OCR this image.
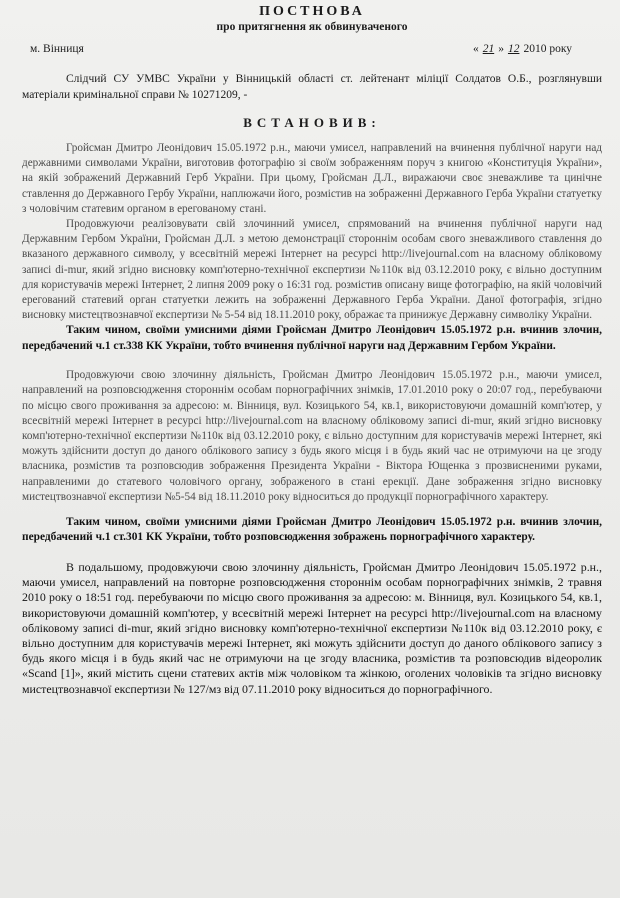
ПОСТНОВА
про притягнення як обвинуваченого
м. Вінниця	« 21 » 12 2010 року

Слідчий СУ УМВС України у Вінницькій області ст. лейтенант міліції Солдатов О.Б., розглянувши матеріали кримінальної справи № 10271209, -

ВСТАНОВИВ:

Гройсман Дмитро Леонідович 15.05.1972 р.н., маючи умисел, направлений на вчинення публічної наруги над державними символами України, виготовив фотографію зі своїм зображенням поруч з книгою «Конституція України», на якій зображений Державний Герб України. При цьому, Гройсман Д.Л., виражаючи своє зневажливе та цинічне ставлення до Державного Гербу України, наплюжачи його, розмістив на зображенні Державного Герба України статуетку з чоловічим статевим органом в ерегованому стані.

Продовжуючи реалізовувати свій злочинний умисел, спрямований на вчинення публічної наруги над Державним Гербом України, Гройсман Д.Л. з метою демонстрації стороннім особам свого зневажливого ставлення до вказаного державного символу, у всесвітній мережі Інтернет на ресурсі http://livejournal.com на власному обліковому записі di-mur, який згідно висновку комп'ютерно-технічної експертизи №110к від 03.12.2010 року, є вільно доступним для користувачів мережі Інтернет, 2 липня 2009 року о 16:31 год. розмістив описану вище фотографію, на якій чоловічий ерегований статевий орган статуетки лежить на зображенні Державного Герба України. Даної фотографія, згідно висновку мистецтвознавчої експертизи № 5-54 від 18.11.2010 року, ображає та принижує Державну символіку України.

Таким чином, своїми умисними діями Гройсман Дмитро Леонідович 15.05.1972 р.н. вчинив злочин, передбачений ч.1 ст.338 КК України, тобто вчинення публічної наруги над Державним Гербом України.

Продовжуючи свою злочинну діяльність, Гройсман Дмитро Леонідович 15.05.1972 р.н., маючи умисел, направлений на розповсюдження стороннім особам порнографічних знімків, 17.01.2010 року о 20:07 год., перебуваючи по місцю свого проживання за адресою: м. Вінниця, вул. Козицького 54, кв.1, використовуючи домашній комп'ютер, у всесвітній мережі Інтернет в ресурсі http://livejournal.com на власному обліковому записі di-mur, який згідно висновку комп'ютерно-технічної експертизи №110к від 03.12.2010 року, є вільно доступним для користувачів мережі Інтернет, які можуть здійснити доступ до даного облікового запису з будь якого місця і в будь який час не отримуючи на це згоду власника, розмістив та розповсюдив зображення Президента України - Віктора Ющенка з прозвисненими руками, направленими до статевого чоловічого органу, зображеного в стані ерекції. Дане зображення згідно висновку мистецтвознавчої експертизи №5-54 від 18.11.2010 року відноситься до продукції порнографічного характеру.

Таким чином, своїми умисними діями Гройсман Дмитро Леонідович 15.05.1972 р.н. вчинив злочин, передбачений ч.1 ст.301 КК України, тобто розповсюдження зображень порнографічного характеру.

В подальшому, продовжуючи свою злочинну діяльність, Гройсман Дмитро Леонідович 15.05.1972 р.н., маючи умисел, направлений на повторне розповсюдження стороннім особам порнографічних знімків, 2 травня 2010 року о 18:51 год. перебуваючи по місцю свого проживання за адресою: м. Вінниця, вул. Козицького 54, кв.1, використовуючи домашній комп'ютер, у всесвітній мережі Інтернет на ресурсі http://livejournal.com на власному обліковому записі di-mur, який згідно висновку комп'ютерно-технічної експертизи №110к від 03.12.2010 року, є вільно доступним для користувачів мережі Інтернет, які можуть здійснити доступ до даного облікового запису з будь якого місця і в будь який час не отримуючи на це згоду власника, розмістив та розповсюдив відеоролик «Scand [1]», який містить сцени статевих актів між чоловіком та жінкою, оголених чоловіків та згідно висновку мистецтвознавчої експертизи № 127/мз від 07.11.2010 року відноситься до порнографічного.
